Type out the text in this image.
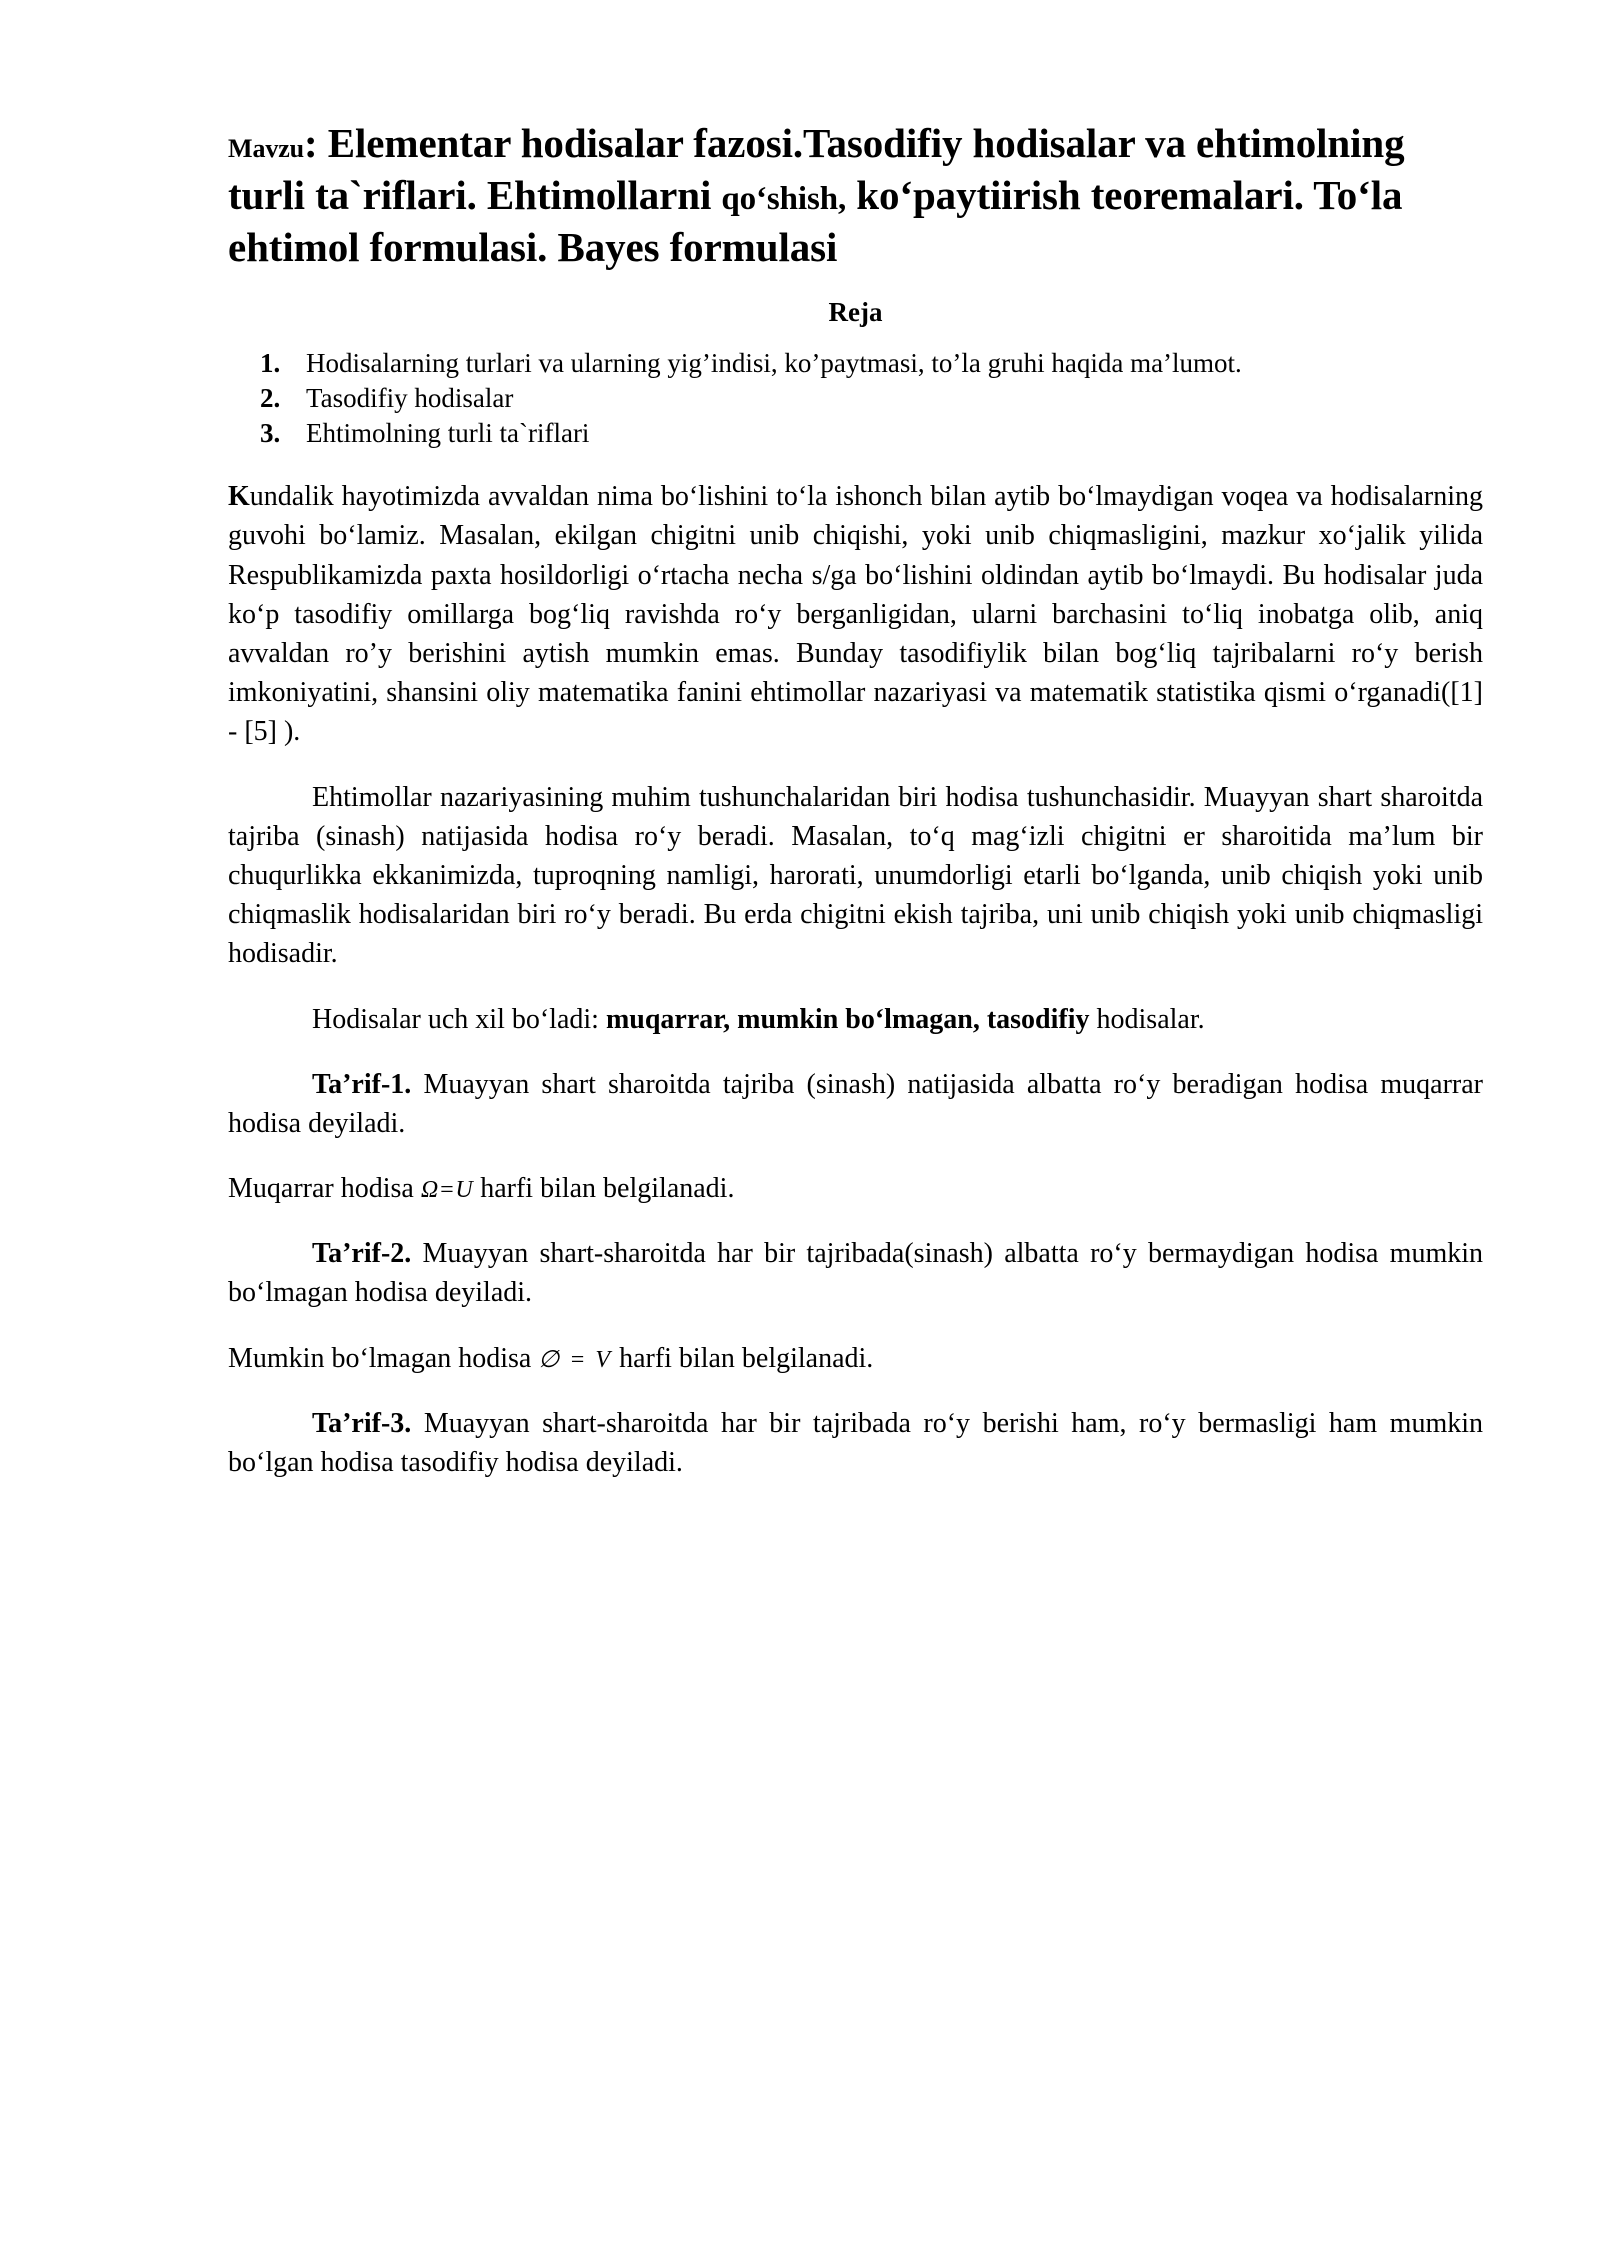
Mavzu: Elementar hodisalar fazosi.Tasodifiy hodisalar va ehtimolning turli ta`riflari. Ehtimollarni qo‘shish, ko‘paytiirish teoremalari. To‘la ehtimol formulasi. Bayes formulasi
Reja
1. Hodisalarning turlari va ularning yig’indisi, ko’paytmasi, to’la gruhi haqida ma’lumot.
2. Tasodifiy hodisalar
3. Ehtimolning turli ta`riflari

Kundalik hayotimizda avvaldan nima bo‘lishini to‘la ishonch bilan aytib bo‘lmaydigan voqea va hodisalarning guvohi bo‘lamiz. Masalan, ekilgan chigitni unib chiqishi, yoki unib chiqmasligini, mazkur xo‘jalik yilida Respublikamizda paxta hosildorligi o‘rtacha necha s/ga bo‘lishini oldindan aytib bo‘lmaydi. Bu hodisalar juda ko‘p tasodifiy omillarga bog‘liq ravishda ro‘y berganligidan, ularni barchasini to‘liq inobatga olib, aniq avvaldan ro’y berishini aytish mumkin emas. Bunday tasodifiylik bilan bog‘liq tajribalarni ro‘y berish imkoniyatini, shansini oliy matematika fanini ehtimollar nazariyasi va matematik statistika qismi o‘rganadi([1] - [5] ).

Ehtimollar nazariyasining muhim tushunchalaridan biri hodisa tushunchasidir. Muayyan shart sharoitda tajriba (sinash) natijasida hodisa ro‘y beradi. Masalan, to‘q mag‘izli chigitni er sharoitida ma’lum bir chuqurlikka ekkanimizda, tuproqning namligi, harorati, unumdorligi etarli bo‘lganda, unib chiqish yoki unib chiqmaslik hodisalaridan biri ro‘y beradi. Bu erda chigitni ekish tajriba, uni unib chiqish yoki unib chiqmasligi hodisadir.

Hodisalar uch xil bo‘ladi: muqarrar, mumkin bo‘lmagan, tasodifiy hodisalar.

Ta’rif-1. Muayyan shart sharoitda tajriba (sinash) natijasida albatta ro‘y beradigan hodisa muqarrar hodisa deyiladi.

Muqarrar hodisa Ω=U harfi bilan belgilanadi.

Ta’rif-2. Muayyan shart-sharoitda har bir tajribada(sinash) albatta ro‘y bermaydigan hodisa mumkin bo‘lmagan hodisa deyiladi.

Mumkin bo‘lmagan hodisa ∅ = V harfi bilan belgilanadi.

Ta’rif-3. Muayyan shart-sharoitda har bir tajribada ro‘y berishi ham, ro‘y bermasligi ham mumkin bo‘lgan hodisa tasodifiy hodisa deyiladi.
